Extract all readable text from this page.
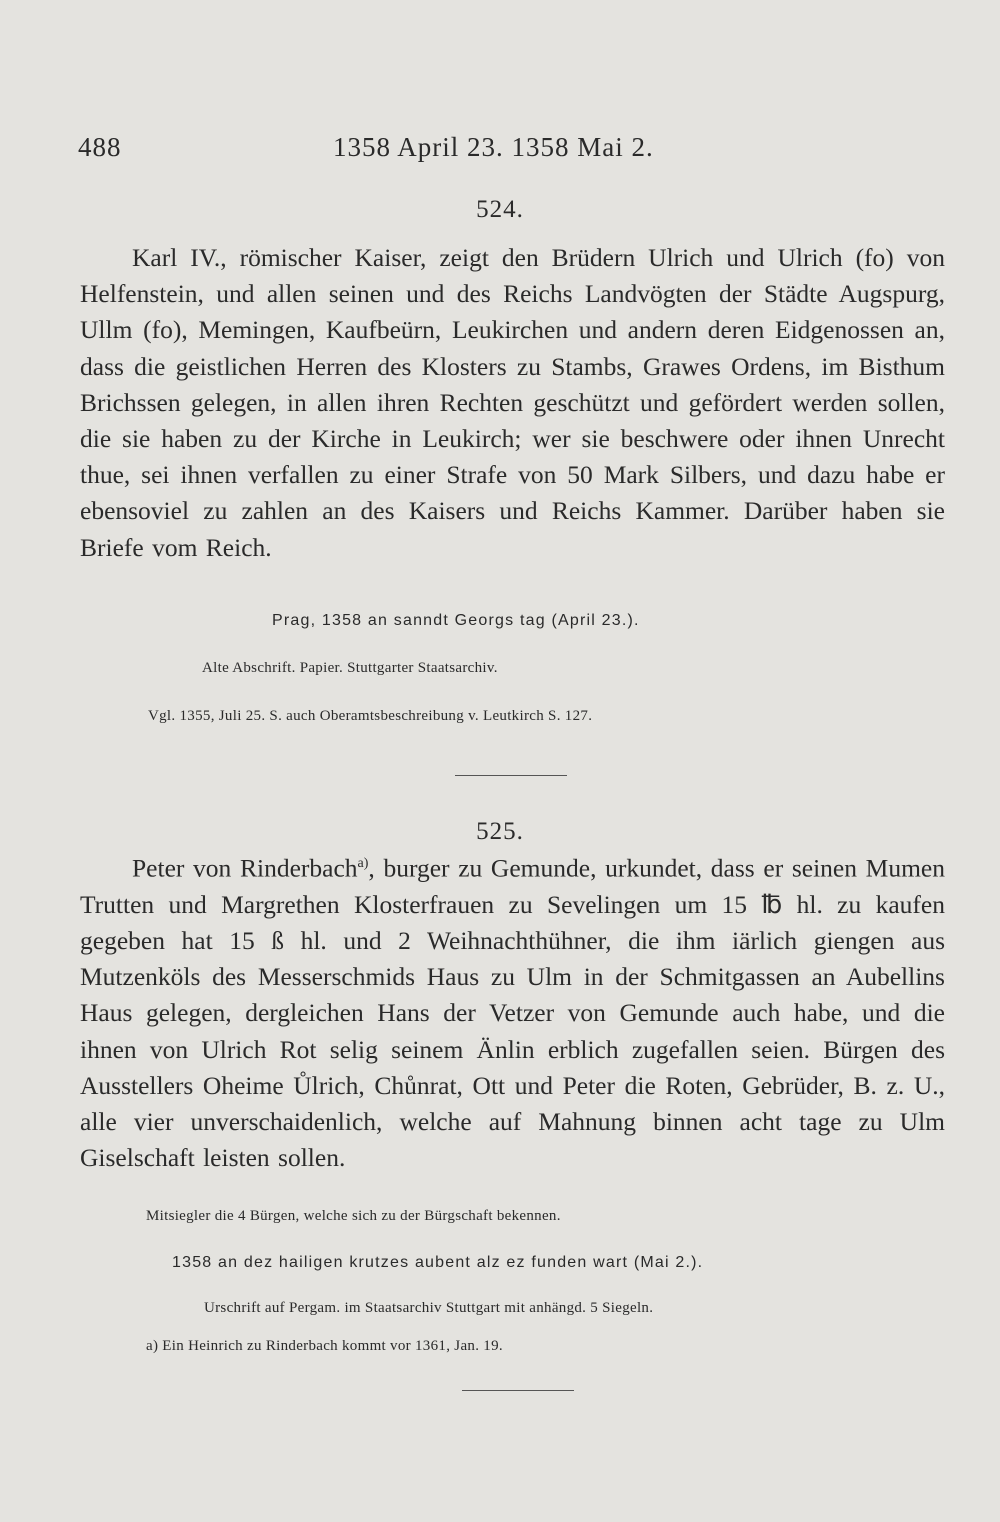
488	1358 April 23. 1358 Mai 2.
524.

Karl IV., römischer Kaiser, zeigt den Brüdern Ulrich und Ulrich (fo) von Helfenstein, und allen seinen und des Reichs Landvögten der Städte Augspurg, Ullm (fo), Memingen, Kaufbeürn, Leukirchen und andern deren Eidgenossen an, dass die geistlichen Herren des Klosters zu Stambs, Grawes Ordens, im Bisthum Brichssen gelegen, in allen ihren Rechten geschützt und gefördert werden sollen, die sie haben zu der Kirche in Leukirch; wer sie beschwere oder ihnen Unrecht thue, sei ihnen verfallen zu einer Strafe von 50 Mark Silbers, und dazu habe er ebensoviel zu zahlen an des Kaisers und Reichs Kammer. Darüber haben sie Briefe vom Reich.

Prag, 1358 an sanndt Georgs tag (April 23.).
Alte Abschrift. Papier. Stuttgarter Staatsarchiv.
Vgl. 1355, Juli 25. S. auch Oberamtsbeschreibung v. Leutkirch S. 127.
525.

Peter von Rinderbach$^{a)}$, burger zu Gemunde, urkundet, dass er seinen Mumen Trutten und Margrethen Klosterfrauen zu Sevelingen um 15 ℔ hl. zu kaufen gegeben hat 15 ß hl. und 2 Weihnachthühner, die ihm iärlich giengen aus Mutzenköls des Messerschmids Haus zu Ulm in der Schmitgassen an Aubellins Haus gelegen, dergleichen Hans der Vetzer von Gemunde auch habe, und die ihnen von Ulrich Rot selig seinem Änlin erblich zugefallen seien. Bürgen des Ausstellers Oheime Ůlrich, Chůnrat, Ott und Peter die Roten, Gebrüder, B. z. U., alle vier unverschaidenlich, welche auf Mahnung binnen acht tage zu Ulm Giselschaft leisten sollen.

Mitsiegler die 4 Bürgen, welche sich zu der Bürgschaft bekennen.
1358 an dez hailigen krutzes aubent alz ez funden wart (Mai 2.).
Urschrift auf Pergam. im Staatsarchiv Stuttgart mit anhängd. 5 Siegeln.
a) Ein Heinrich zu Rinderbach kommt vor 1361, Jan. 19.
